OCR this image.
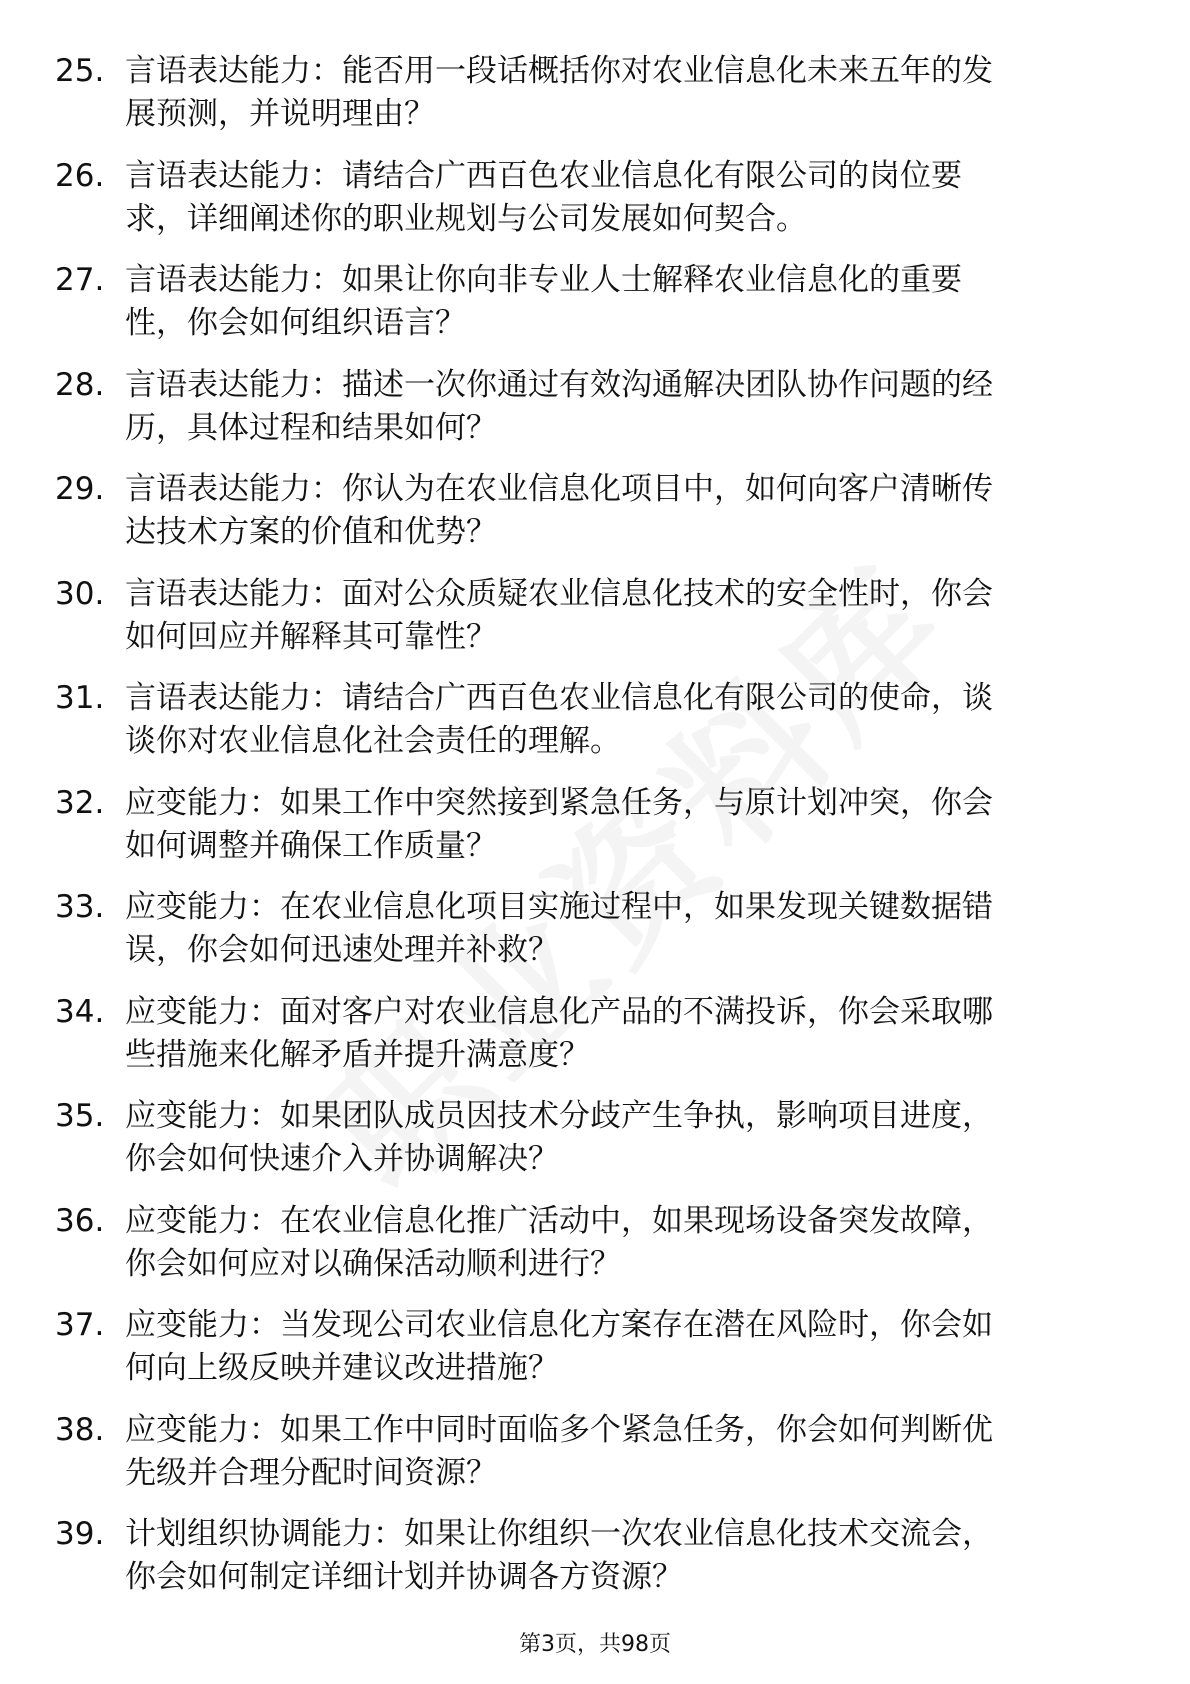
25. 言语表达能力：能否用一段话概括你对农业信息化未来五年的发
展预测，并说明理由？
26. 言语表达能力：请结合广西百色农业信息化有限公司的岗位要
求，详细阐述你的职业规划与公司发展如何契合。
27. 言语表达能力：如果让你向非专业人士解释农业信息化的重要
性，你会如何组织语言？
28. 言语表达能力：描述一次你通过有效沟通解决团队协作问题的经
历，具体过程和结果如何？
29. 言语表达能力：你认为在农业信息化项目中，如何向客户清晰传
达技术方案的价值和优势？
30. 言语表达能力：面对公众质疑农业信息化技术的安全性时，你会
如何回应并解释其可靠性？
31. 言语表达能力：请结合广西百色农业信息化有限公司的使命，谈
谈你对农业信息化社会责任的理解。
32. 应变能力：如果工作中突然接到紧急任务，与原计划冲突，你会
如何调整并确保工作质量？
33. 应变能力：在农业信息化项目实施过程中，如果发现关键数据错
误，你会如何迅速处理并补救？
34. 应变能力：面对客户对农业信息化产品的不满投诉，你会采取哪
些措施来化解矛盾并提升满意度？
35. 应变能力：如果团队成员因技术分歧产生争执，影响项目进度，
你会如何快速介入并协调解决？
36. 应变能力：在农业信息化推广活动中，如果现场设备突发故障，
你会如何应对以确保活动顺利进行？
37. 应变能力：当发现公司农业信息化方案存在潜在风险时，你会如
何向上级反映并建议改进措施？
38. 应变能力：如果工作中同时面临多个紧急任务，你会如何判断优
先级并合理分配时间资源？
39. 计划组织协调能力：如果让你组织一次农业信息化技术交流会，
你会如何制定详细计划并协调各方资源？
第3页，共98页
